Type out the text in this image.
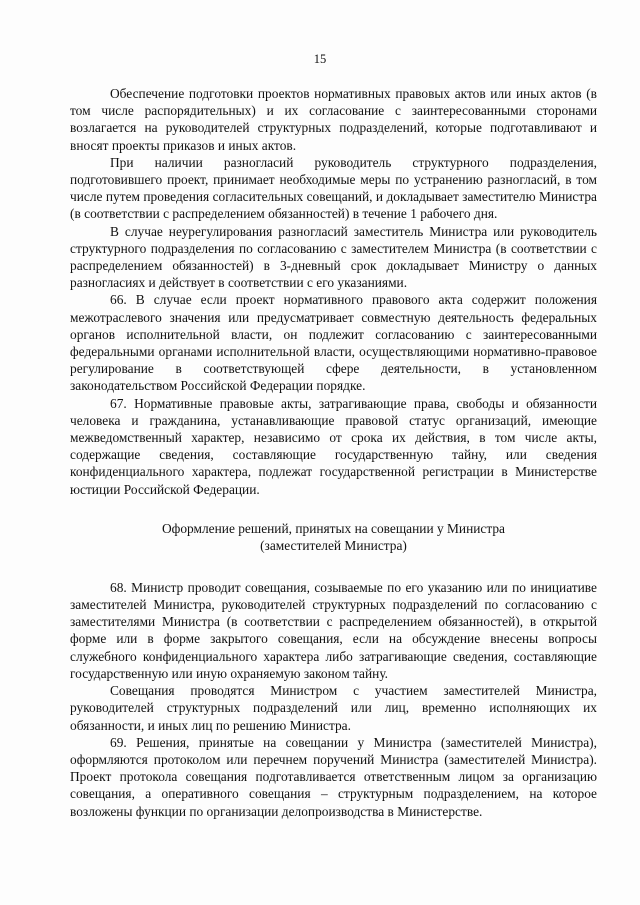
15

Обеспечение подготовки проектов нормативных правовых актов или иных актов (в том числе распорядительных) и их согласование с заинтересованными сторонами возлагается на руководителей структурных подразделений, которые подготавливают и вносят проекты приказов и иных актов.

При наличии разногласий руководитель структурного подразделения, подготовившего проект, принимает необходимые меры по устранению разногласий, в том числе путем проведения согласительных совещаний, и докладывает заместителю Министра (в соответствии с распределением обязанностей) в течение 1 рабочего дня.

В случае неурегулирования разногласий заместитель Министра или руководитель структурного подразделения по согласованию с заместителем Министра (в соответствии с распределением обязанностей) в 3-дневный срок докладывает Министру о данных разногласиях и действует в соответствии с его указаниями.

66. В случае если проект нормативного правового акта содержит положения межотраслевого значения или предусматривает совместную деятельность федеральных органов исполнительной власти, он подлежит согласованию с заинтересованными федеральными органами исполнительной власти, осуществляющими нормативно-правовое регулирование в соответствующей сфере деятельности, в установленном законодательством Российской Федерации порядке.

67. Нормативные правовые акты, затрагивающие права, свободы и обязанности человека и гражданина, устанавливающие правовой статус организаций, имеющие межведомственный характер, независимо от срока их действия, в том числе акты, содержащие сведения, составляющие государственную тайну, или сведения конфиденциального характера, подлежат государственной регистрации в Министерстве юстиции Российской Федерации.

Оформление решений, принятых на совещании у Министра
(заместителей Министра)

68. Министр проводит совещания, созываемые по его указанию или по инициативе заместителей Министра, руководителей структурных подразделений по согласованию с заместителями Министра (в соответствии с распределением обязанностей), в открытой форме или в форме закрытого совещания, если на обсуждение внесены вопросы служебного конфиденциального характера либо затрагивающие сведения, составляющие государственную или иную охраняемую законом тайну.

Совещания проводятся Министром с участием заместителей Министра, руководителей структурных подразделений или лиц, временно исполняющих их обязанности, и иных лиц по решению Министра.

69. Решения, принятые на совещании у Министра (заместителей Министра), оформляются протоколом или перечнем поручений Министра (заместителей Министра). Проект протокола совещания подготавливается ответственным лицом за организацию совещания, а оперативного совещания – структурным подразделением, на которое возложены функции по организации делопроизводства в Министерстве.
